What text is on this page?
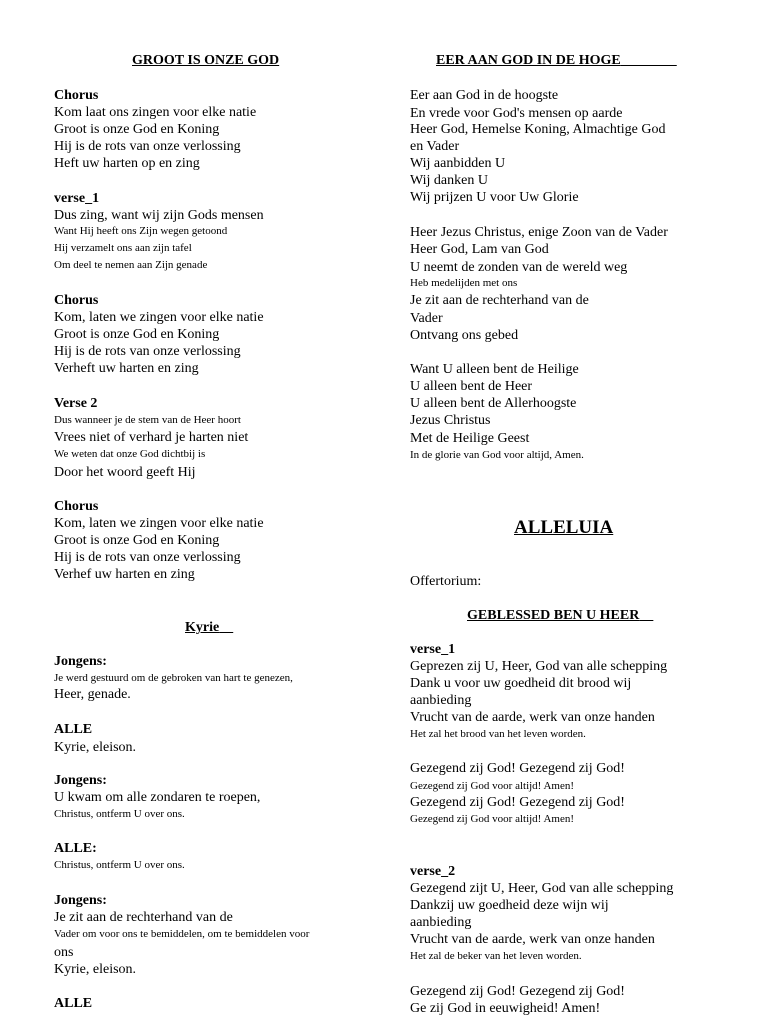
GROOT IS ONZE GOD
Chorus
Kom laat ons zingen voor elke natie
Groot is onze God en Koning
Hij is de rots van onze verlossing
Heft uw harten op en zing
verse_1
Dus zing, want wij zijn Gods mensen
Want Hij heeft ons Zijn wegen getoond
Hij verzamelt ons aan zijn tafel
Om deel te nemen aan Zijn genade
Chorus
Kom, laten we zingen voor elke natie
Groot is onze God en Koning
Hij is de rots van onze verlossing
Verheft uw harten en zing
Verse 2
Dus wanneer je de stem van de Heer hoort
Vrees niet of verhard je harten niet
We weten dat onze God dichtbij is
Door het woord geeft Hij
Chorus
Kom, laten we zingen voor elke natie
Groot is onze God en Koning
Hij is de rots van onze verlossing
Verhef uw harten en zing
Kyrie
Jongens:
Je werd gestuurd om de gebroken van hart te genezen,
Heer, genade.
ALLE
Kyrie, eleison.
Jongens:
U kwam om alle zondaren te roepen,
Christus, ontferm U over ons.
ALLE:
Christus, ontferm U over ons.
Jongens:
Je zit aan de rechterhand van de
Vader om voor ons te bemiddelen, om te bemiddelen voor
ons
Kyrie, eleison.
ALLE
EER AAN GOD IN DE HOGE
Eer aan God in de hoogste
En vrede voor God's mensen op aarde
Heer God, Hemelse Koning, Almachtige God
en Vader
Wij aanbidden U
Wij danken U
Wij prijzen U voor Uw Glorie
Heer Jezus Christus, enige Zoon van de Vader
Heer God, Lam van God
U neemt de zonden van de wereld weg
Heb medelijden met ons
Je zit aan de rechterhand van de
Vader
Ontvang ons gebed
Want U alleen bent de Heilige
U alleen bent de Heer
U alleen bent de Allerhoogste
Jezus Christus
Met de Heilige Geest
In de glorie van God voor altijd, Amen.
ALLELUIA
Offertorium:
GEBLESSED BEN U HEER
verse_1
Geprezen zij U, Heer, God van alle schepping
Dank u voor uw goedheid dit brood wij
aanbieding
Vrucht van de aarde, werk van onze handen
Het zal het brood van het leven worden.
Gezegend zij God! Gezegend zij God!
Gezegend zij God voor altijd! Amen!
Gezegend zij God! Gezegend zij God!
Gezegend zij God voor altijd! Amen!
verse_2
Gezegend zijt U, Heer, God van alle schepping
Dankzij uw goedheid deze wijn wij
aanbieding
Vrucht van de aarde, werk van onze handen
Het zal de beker van het leven worden.
Gezegend zij God! Gezegend zij God!
Ge zij God in eeuwigheid! Amen!
